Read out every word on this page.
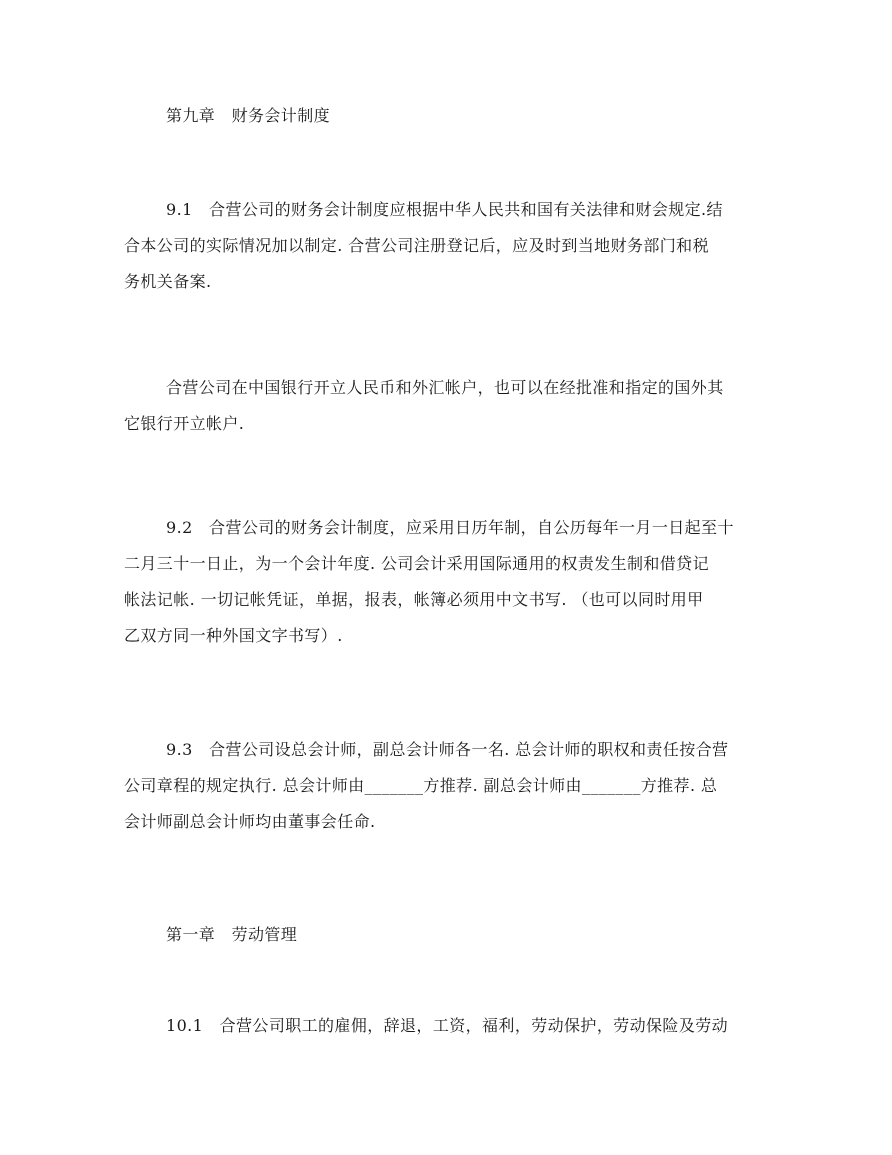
第九章　财务会计制度
9.1　合营公司的财务会计制度应根据中华人民共和国有关法律和财会规定.结
合本公司的实际情况加以制定. 合营公司注册登记后，应及时到当地财务部门和税
务机关备案.
合营公司在中国银行开立人民币和外汇帐户，也可以在经批准和指定的国外其
它银行开立帐户.
9.2　合营公司的财务会计制度，应采用日历年制，自公历每年一月一日起至十
二月三十一日止，为一个会计年度. 公司会计采用国际通用的权责发生制和借贷记
帐法记帐. 一切记帐凭证，单据，报表，帐簿必须用中文书写. （也可以同时用甲
乙双方同一种外国文字书写）.
9.3　合营公司设总会计师，副总会计师各一名. 总会计师的职权和责任按合营
公司章程的规定执行. 总会计师由_______方推荐. 副总会计师由_______方推荐. 总
会计师副总会计师均由董事会任命.
第一章　劳动管理
10.1　合营公司职工的雇佣，辞退，工资，福利，劳动保护，劳动保险及劳动
